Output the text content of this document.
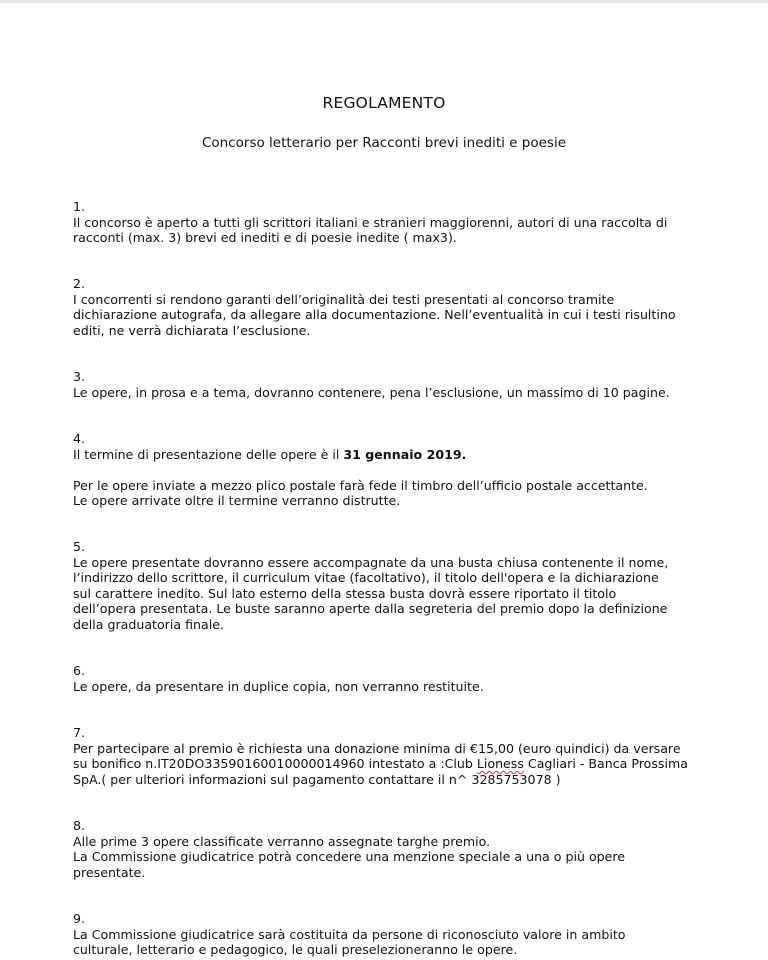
REGOLAMENTO
Concorso letterario per Racconti brevi inediti e poesie
1.
Il concorso è aperto a tutti gli scrittori italiani e stranieri maggiorenni, autori di una raccolta di
racconti (max. 3) brevi ed inediti e di poesie inedite ( max3).
2.
I concorrenti si rendono garanti dell’originalità dei testi presentati al concorso tramite
dichiarazione autografa, da allegare alla documentazione. Nell’eventualità in cui i testi risultino
editi, ne verrà dichiarata l’esclusione.
3.
Le opere, in prosa e a tema, dovranno contenere, pena l’esclusione, un massimo di 10 pagine.
4.
Il termine di presentazione delle opere è il 31 gennaio 2019.
Per le opere inviate a mezzo plico postale farà fede il timbro dell’ufficio postale accettante.
Le opere arrivate oltre il termine verranno distrutte.
5.
Le opere presentate dovranno essere accompagnate da una busta chiusa contenente il nome,
l’indirizzo dello scrittore, il curriculum vitae (facoltativo), il titolo dell'opera e la dichiarazione
sul carattere inedito. Sul lato esterno della stessa busta dovrà essere riportato il titolo
dell’opera presentata. Le buste saranno aperte dalla segreteria del premio dopo la definizione
della graduatoria finale.
6.
Le opere, da presentare in duplice copia, non verranno restituite.
7.
Per partecipare al premio è richiesta una donazione minima di €15,00 (euro quindici) da versare
su bonifico n.IT20DO33590160010000014960 intestato a :Club Lioness Cagliari - Banca Prossima
SpA.( per ulteriori informazioni sul pagamento contattare il n^ 3285753078 )
8.
Alle prime 3 opere classificate verranno assegnate targhe premio.
La Commissione giudicatrice potrà concedere una menzione speciale a una o più opere
presentate.
9.
La Commissione giudicatrice sarà costituita da persone di riconosciuto valore in ambito
culturale, letterario e pedagogico, le quali preselezioneranno le opere.
